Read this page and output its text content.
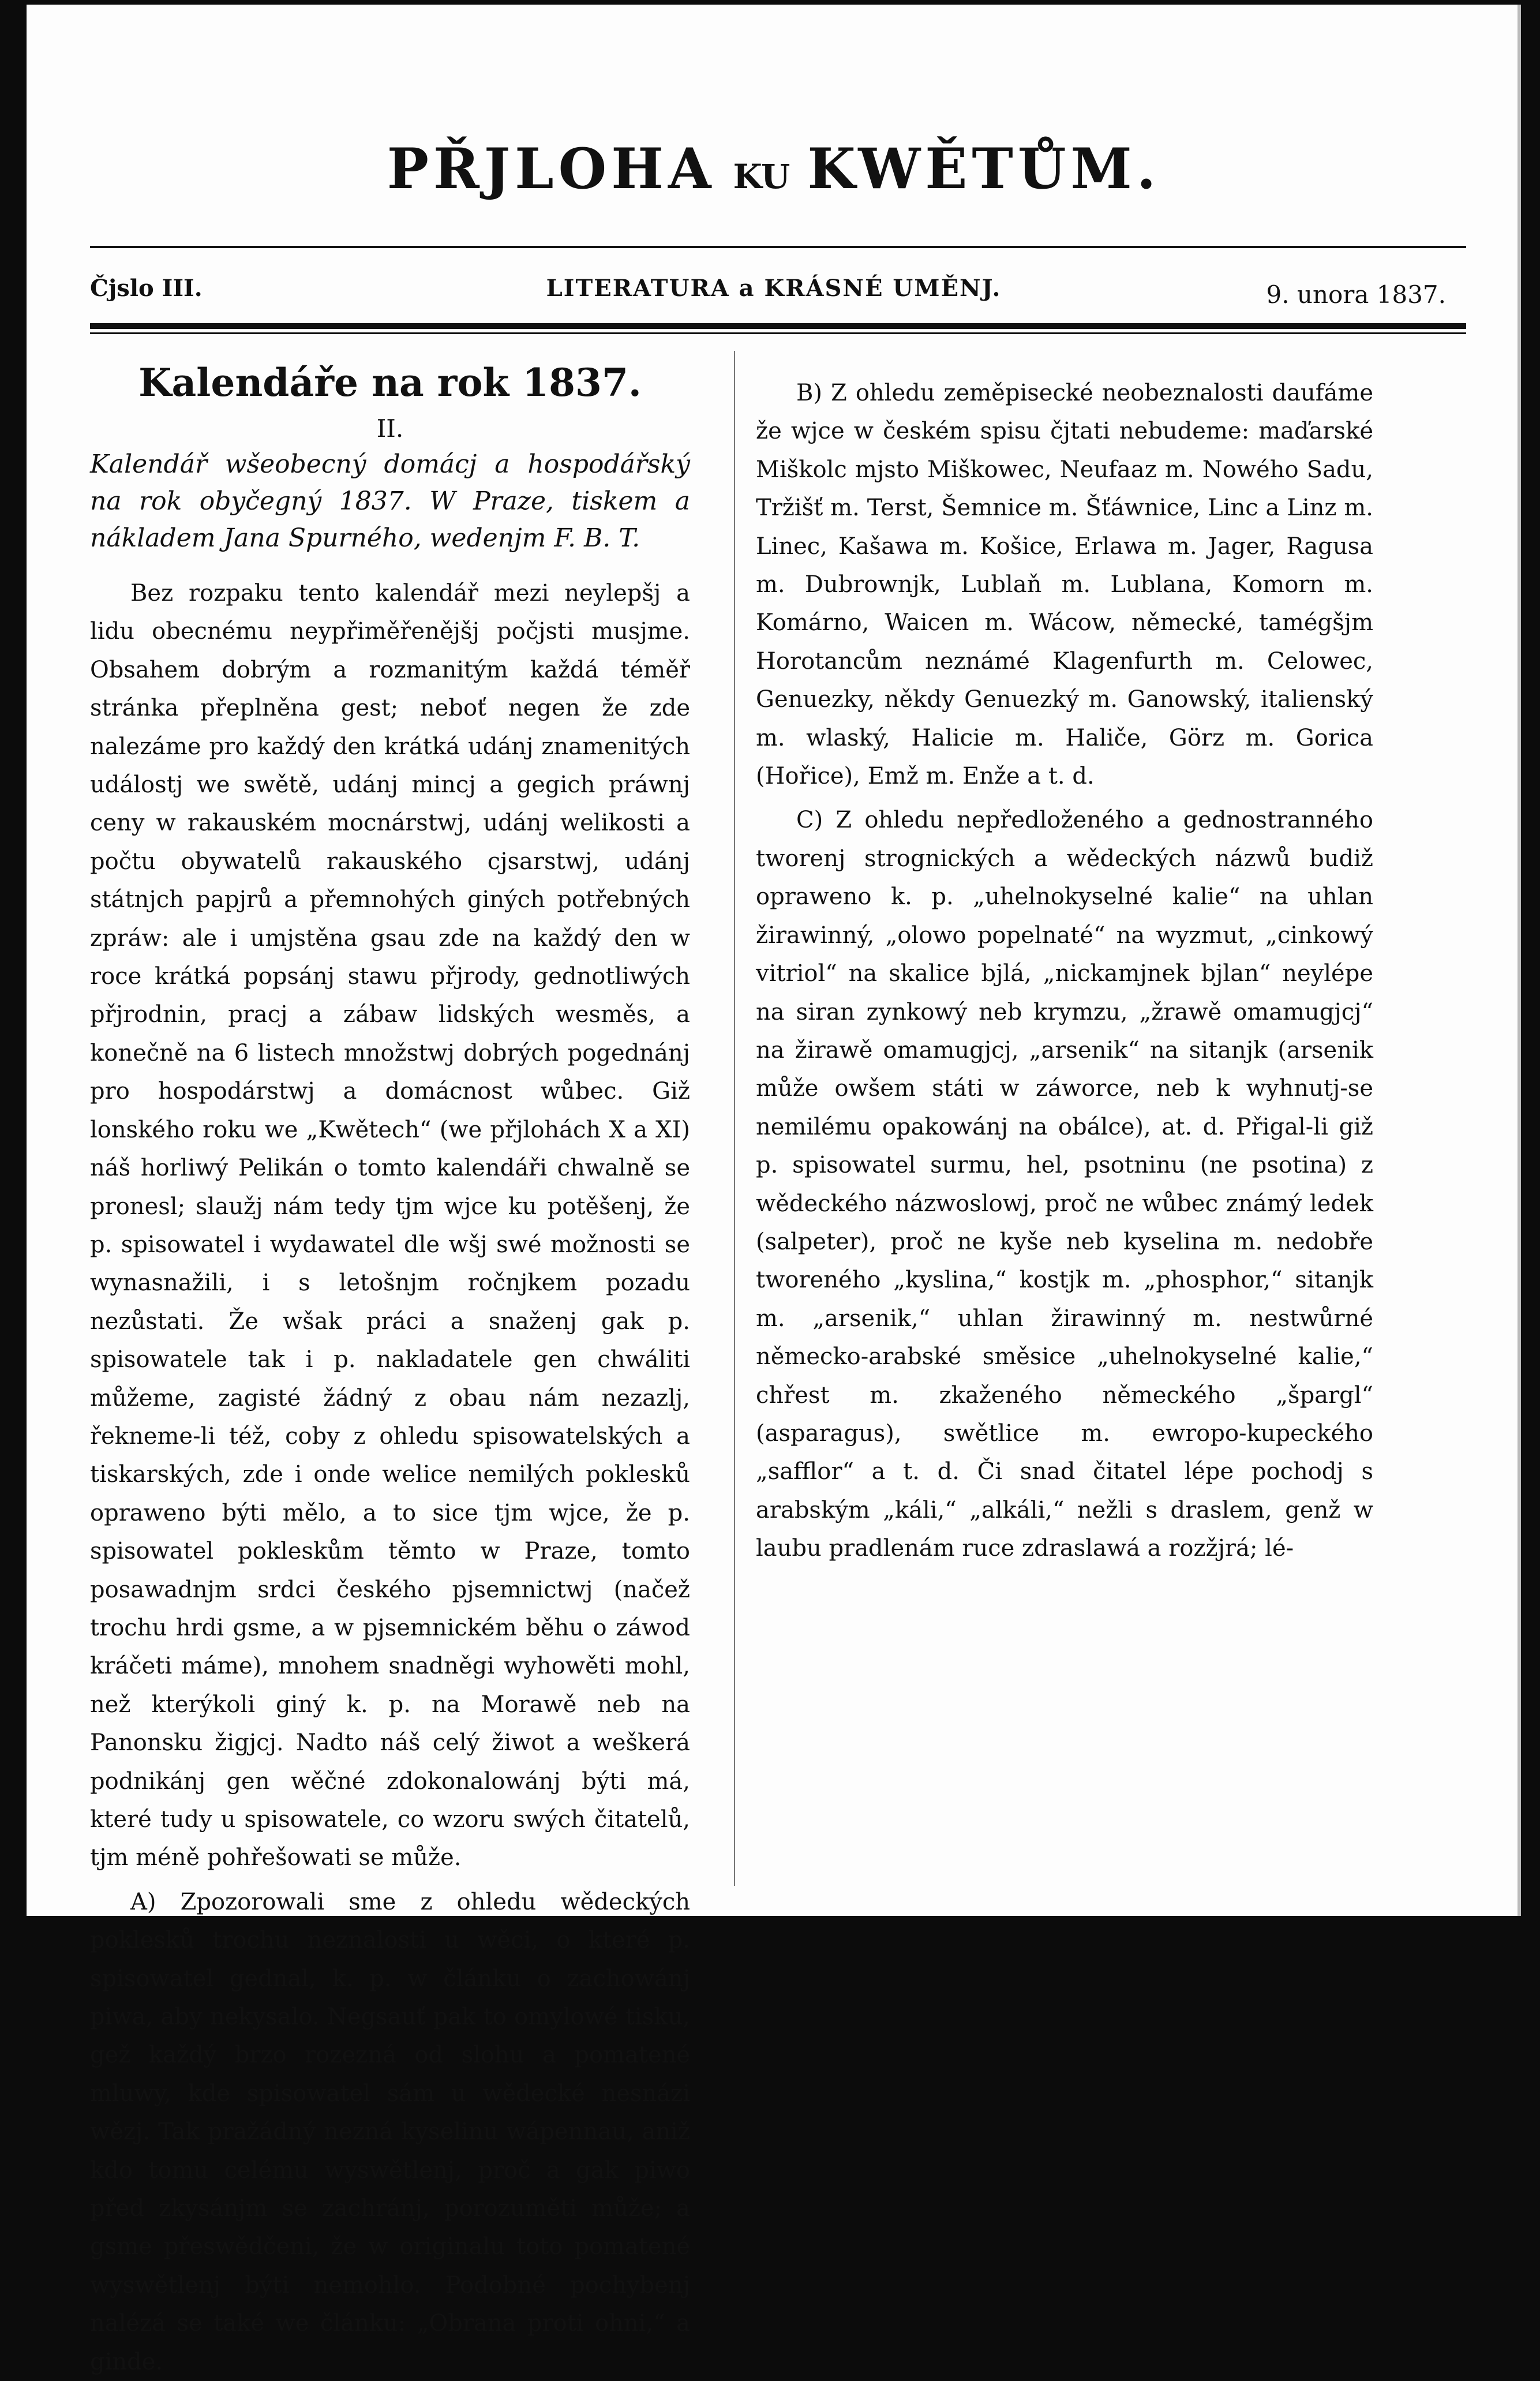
PŘJLOHA KU KWĚTŮM.
Čjslo III.	LITERATURA a KRÁSNÉ UMĚNJ.	9. unora 1837.

Kalendáře na rok 1837.

II.

Kalendář wšeobecný domácj a hospodářský na rok obyčegný 1837. W Praze, tiskem a nákladem Jana Spurného, wedenjm F. B. T.

Bez rozpaku tento kalendář mezi neylepšj a lidu obecnému neypřiměřenějšj počjsti musjme. Obsahem dobrým a rozmanitým každá téměř stránka přeplněna gest; neboť negen že zde nalezáme pro každý den krátká udánj znamenitých událostj we swětě, udánj mincj a gegich práwnj ceny w rakauském mocnárstwj, udánj welikosti a počtu obywatelů rakauského cjsarstwj, udánj státnjch papjrů a přemnohých giných potřebných zpráw: ale i umjstěna gsau zde na každý den w roce krátká popsánj stawu přjrody, gednotliwých přjrodnin, pracj a zábaw lidských wesměs, a konečně na 6 listech množstwj dobrých pogednánj pro hospodárstwj a domácnost wůbec. Giž lonského roku we „Kwětech“ (we přjlohách X a XI) náš horliwý Pelikán o tomto kalendáři chwalně se pronesl; slaužj nám tedy tjm wjce ku potěšenj, že p. spisowatel i wydawatel dle wšj swé možnosti se wynasnažili, i s letošnjm ročnjkem pozadu nezůstati. Že wšak práci a snaženj gak p. spisowatele tak i p. nakladatele gen chwáliti můžeme, zagisté žádný z obau nám nezazlj, řekneme-li též, coby z ohledu spisowatelských a tiskarských, zde i onde welice nemilých poklesků opraweno býti mělo, a to sice tjm wjce, že p. spisowatel pokleskům těmto w Praze, tomto posawadnjm srdci českého pjsemnictwj (načež trochu hrdi gsme, a w pjsemnickém běhu o záwod kráčeti máme), mnohem snadněgi wyhowěti mohl, než kterýkoli giný k. p. na Morawě neb na Panonsku žigjcj. Nadto náš celý žiwot a weškerá podnikánj gen wěčné zdokonalowánj býti má, které tudy u spisowatele, co wzoru swých čitatelů, tjm méně pohřešowati se může.

A) Zpozorowali sme z ohledu wědeckých poklesků trochu neznalosti u wěci, o které p. spisowatel gednal, k. p. w článku o zachowánj piwa, aby nekysalo. Negsauť pak to omylowé tisku, gež každý brzo rozezná od slohu a pomatené mluwy, kde spisowatel sám u wědecké nesnázi wězj. Tak pražádný nezná kyselinu wápennau, aniž kdo tomu celému wyswětlenj, proč a gak piwo před zkysánjm se zachránj, porozuměti může; a gsme přeswědčeni, že w originalu toto pomatené wyswětlenj býti nemohlo. Podobné pochybenj nalézá se také we článku: „Obrana proti ohni,“ a ginde.

B) Z ohledu zeměpisecké neobeznalosti daufáme že wjce w českém spisu čjtati nebudeme: maďarské Miškolc mjsto Miškowec, Neufaaz m. Nowého Sadu, Tržišť m. Terst, Šemnice m. Šťáwnice, Linc a Linz m. Linec, Kašawa m. Košice, Erlawa m. Jager, Ragusa m. Dubrownjk, Lublaň m. Lublana, Komorn m. Komárno, Waicen m. Wácow, německé, tamégšjm Horotancům neznámé Klagenfurth m. Celowec, Genuezky, někdy Genuezký m. Ganowský, italienský m. wlaský, Halicie m. Haliče, Görz m. Gorica (Hořice), Emž m. Enže a t. d.

C) Z ohledu nepředloženého a gednostranného tworenj strognických a wědeckých názwů budiž opraweno k. p. „uhelnokyselné kalie“ na uhlan žirawinný, „olowo popelnaté“ na wyzmut, „cinkowý vitriol“ na skalice bjlá, „nickamjnek bjlan“ neylépe na siran zynkowý neb krymzu, „žrawě omamugjcj“ na žirawě omamugjcj, „arsenik“ na sitanjk (arsenik může owšem státi w záworce, neb k wyhnutj-se nemilému opakowánj na obálce), at. d. Přigal-li giž p. spisowatel surmu, hel, psotninu (ne psotina) z wědeckého názwoslowj, proč ne wůbec známý ledek (salpeter), proč ne kyše neb kyselina m. nedobře tworeného „kyslina,“ kostjk m. „phosphor,“ sitanjk m. „arsenik,“ uhlan žirawinný m. nestwůrné německo-arabské směsice „uhelnokyselné kalie,“ chřest m. zkaženého německého „špargl“ (asparagus), swětlice m. ewropo-kupeckého „safflor“ a t. d. Či snad čitatel lépe pochodj s arabským „káli,“ „alkáli,“ nežli s draslem, genž w laubu pradlenám ruce zdraslawá a rozžjrá; lé-
